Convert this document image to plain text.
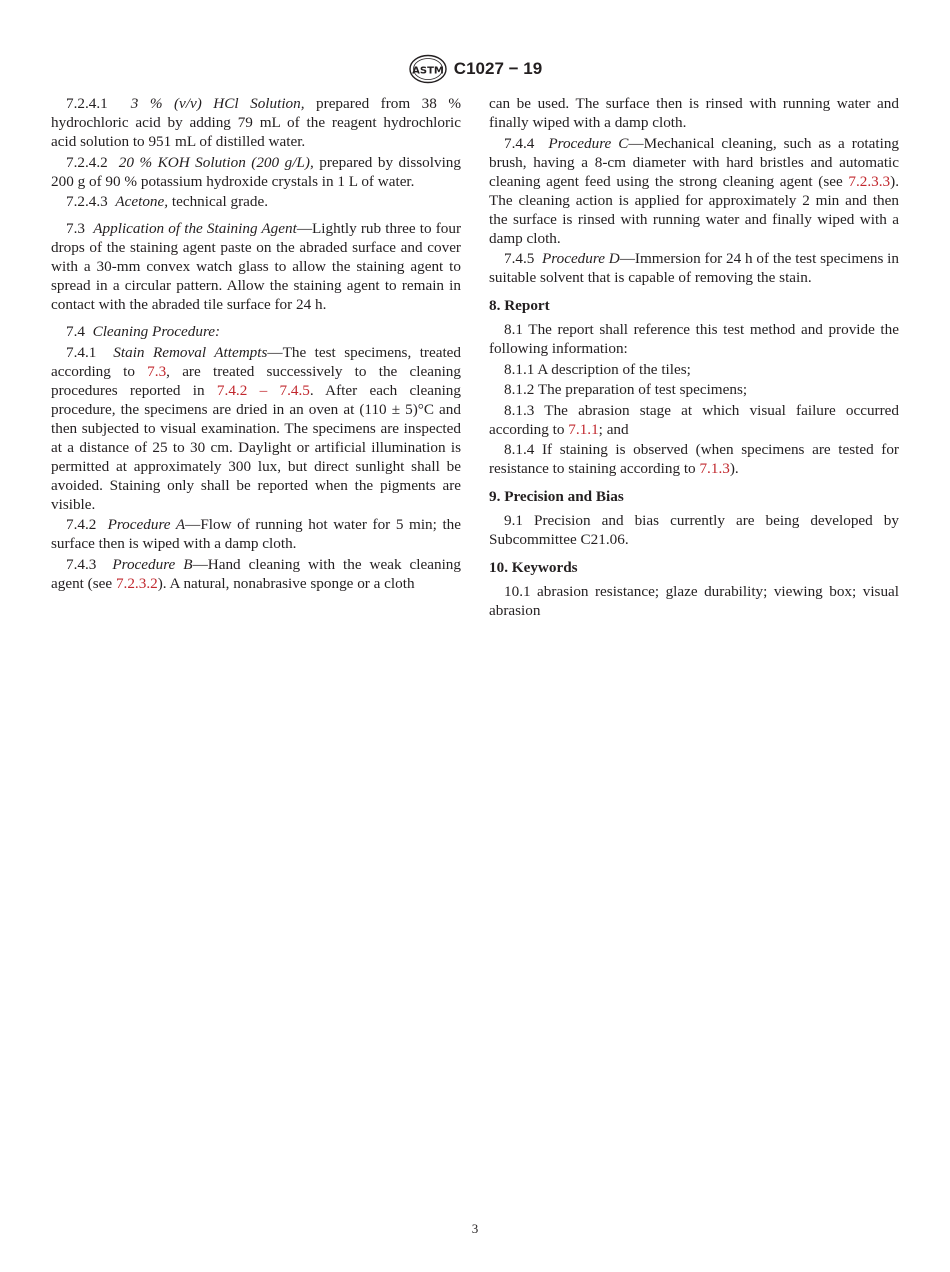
ASTM C1027 − 19

7.2.4.1 3 % (v/v) HCl Solution, prepared from 38 % hydrochloric acid by adding 79 mL of the reagent hydrochloric acid solution to 951 mL of distilled water.

7.2.4.2 20 % KOH Solution (200 g/L), prepared by dissolving 200 g of 90 % potassium hydroxide crystals in 1 L of water.

7.2.4.3 Acetone, technical grade.

7.3 Application of the Staining Agent—Lightly rub three to four drops of the staining agent paste on the abraded surface and cover with a 30-mm convex watch glass to allow the staining agent to spread in a circular pattern. Allow the staining agent to remain in contact with the abraded tile surface for 24 h.

7.4 Cleaning Procedure:

7.4.1 Stain Removal Attempts—The test specimens, treated according to 7.3, are treated successively to the cleaning procedures reported in 7.4.2 – 7.4.5. After each cleaning procedure, the specimens are dried in an oven at (110 ± 5)°C and then subjected to visual examination. The specimens are inspected at a distance of 25 to 30 cm. Daylight or artificial illumination is permitted at approximately 300 lux, but direct sunlight shall be avoided. Staining only shall be reported when the pigments are visible.

7.4.2 Procedure A—Flow of running hot water for 5 min; the surface then is wiped with a damp cloth.

7.4.3 Procedure B—Hand cleaning with the weak cleaning agent (see 7.2.3.2). A natural, nonabrasive sponge or a cloth

can be used. The surface then is rinsed with running water and finally wiped with a damp cloth.

7.4.4 Procedure C—Mechanical cleaning, such as a rotating brush, having a 8-cm diameter with hard bristles and automatic cleaning agent feed using the strong cleaning agent (see 7.2.3.3). The cleaning action is applied for approximately 2 min and then the surface is rinsed with running water and finally wiped with a damp cloth.

7.4.5 Procedure D—Immersion for 24 h of the test specimens in suitable solvent that is capable of removing the stain.

8. Report

8.1 The report shall reference this test method and provide the following information:

8.1.1 A description of the tiles;

8.1.2 The preparation of test specimens;

8.1.3 The abrasion stage at which visual failure occurred according to 7.1.1; and

8.1.4 If staining is observed (when specimens are tested for resistance to staining according to 7.1.3).

9. Precision and Bias

9.1 Precision and bias currently are being developed by Subcommittee C21.06.

10. Keywords

10.1 abrasion resistance; glaze durability; viewing box; visual abrasion

3
